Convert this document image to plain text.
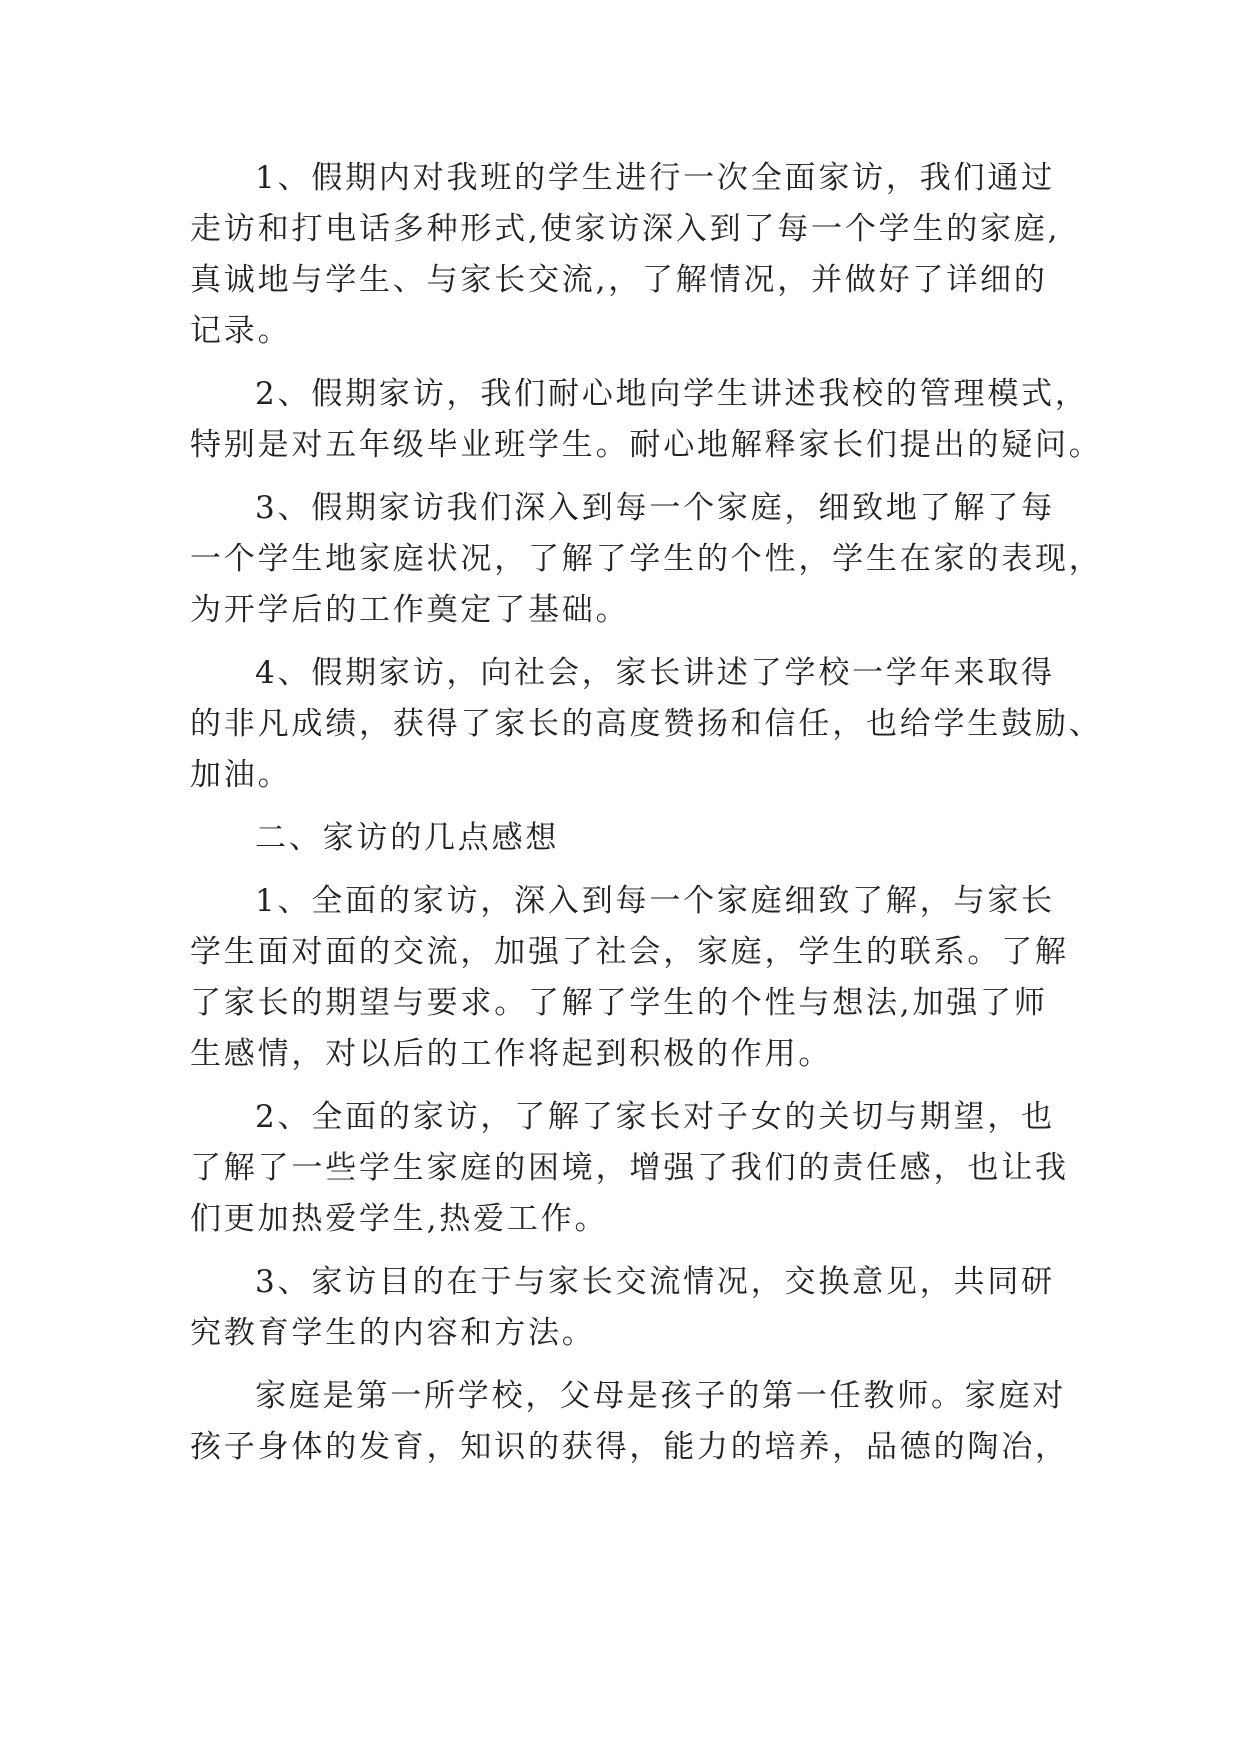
1、假期内对我班的学生进行一次全面家访，我们通过
走访和打电话多种形式,使家访深入到了每一个学生的家庭,
真诚地与学生、与家长交流,，了解情况，并做好了详细的
记录。
2、假期家访，我们耐心地向学生讲述我校的管理模式，
特别是对五年级毕业班学生。耐心地解释家长们提出的疑问。
3、假期家访我们深入到每一个家庭，细致地了解了每
一个学生地家庭状况，了解了学生的个性，学生在家的表现，
为开学后的工作奠定了基础。
4、假期家访，向社会，家长讲述了学校一学年来取得
的非凡成绩，获得了家长的高度赞扬和信任，也给学生鼓励、
加油。
二、家访的几点感想
1、全面的家访，深入到每一个家庭细致了解，与家长
学生面对面的交流，加强了社会，家庭，学生的联系。了解
了家长的期望与要求。了解了学生的个性与想法,加强了师
生感情，对以后的工作将起到积极的作用。
2、全面的家访，了解了家长对子女的关切与期望，也
了解了一些学生家庭的困境，增强了我们的责任感，也让我
们更加热爱学生,热爱工作。
3、家访目的在于与家长交流情况，交换意见，共同研
究教育学生的内容和方法。
家庭是第一所学校，父母是孩子的第一任教师。家庭对
孩子身体的发育，知识的获得，能力的培养，品德的陶冶，
